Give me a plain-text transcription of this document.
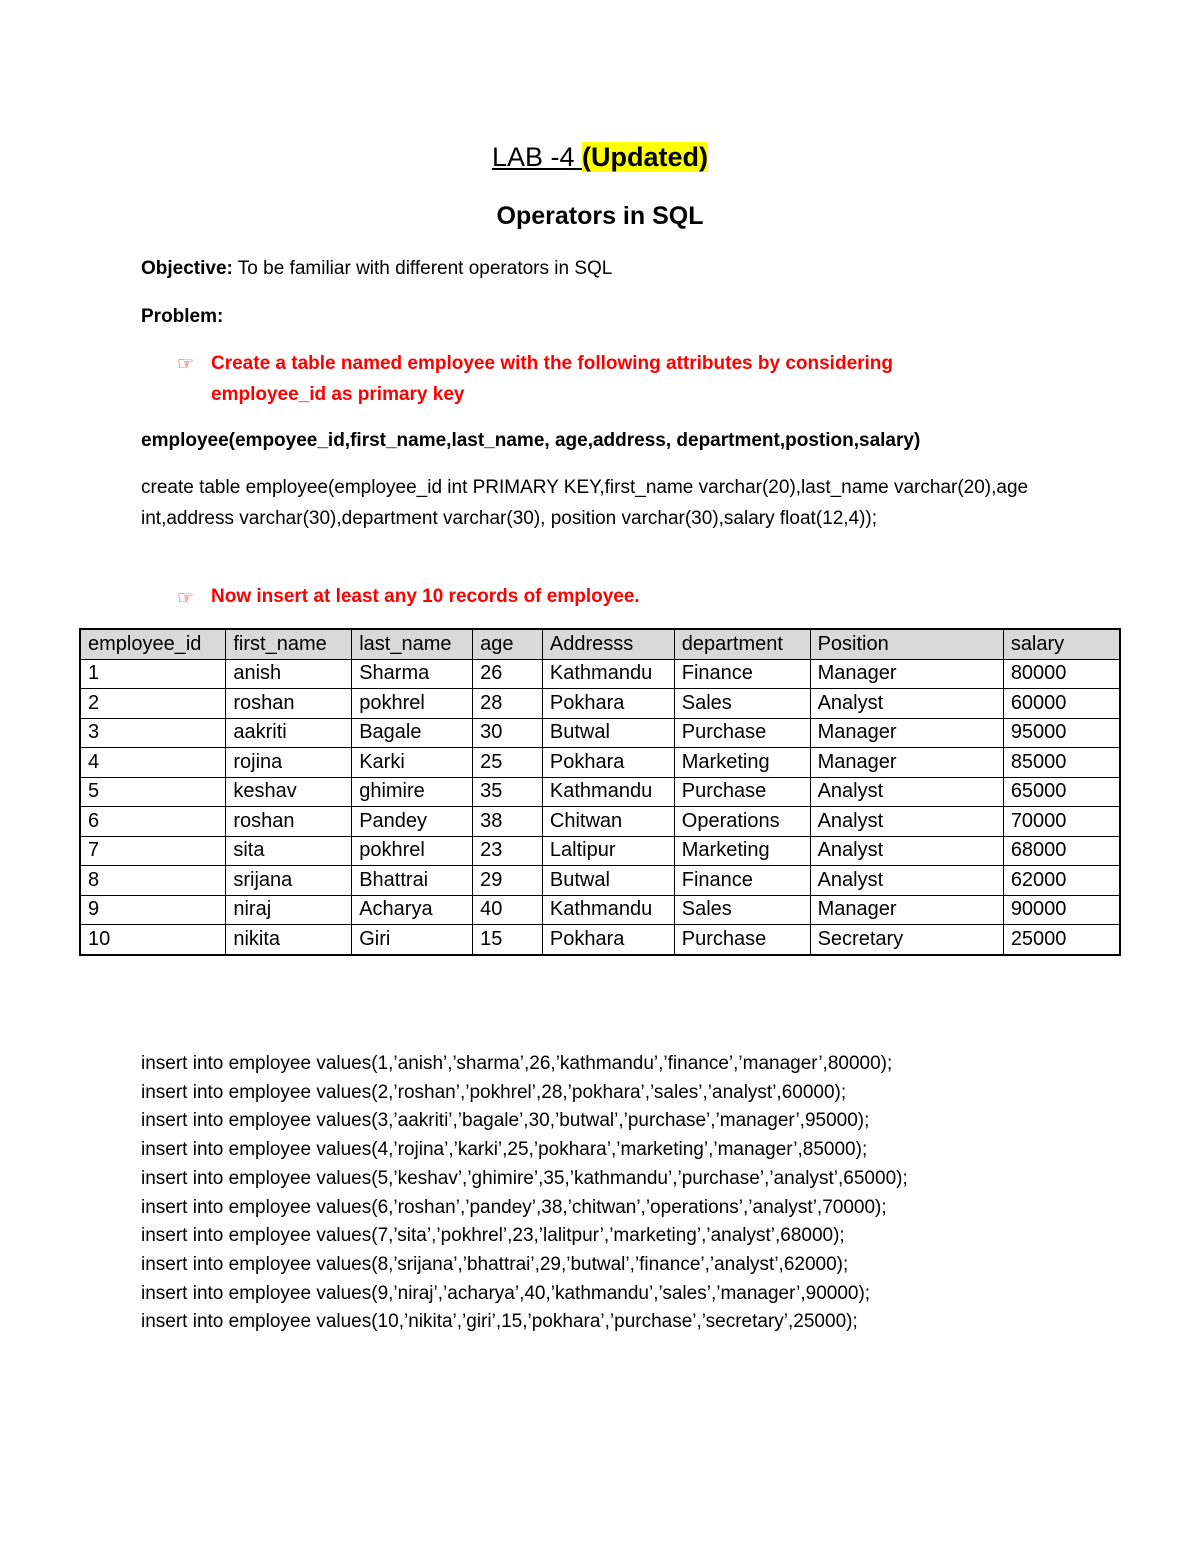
LAB -4 (Updated)
Operators in SQL
Objective: To be familiar with different operators in SQL
Problem:
☞ Create a table named employee with the following attributes by considering employee_id as primary key
employee(empoyee_id,first_name,last_name, age,address, department,postion,salary)
create table employee(employee_id int PRIMARY KEY,first_name varchar(20),last_name varchar(20),age int,address varchar(30),department varchar(30), position varchar(30),salary float(12,4));
☞ Now insert at least any 10 records of employee.
employee_id	first_name	last_name	age	Addresss	department	Position	salary
1	anish	Sharma	26	Kathmandu	Finance	Manager	80000
2	roshan	pokhrel	28	Pokhara	Sales	Analyst	60000
3	aakriti	Bagale	30	Butwal	Purchase	Manager	95000
4	rojina	Karki	25	Pokhara	Marketing	Manager	85000
5	keshav	ghimire	35	Kathmandu	Purchase	Analyst	65000
6	roshan	Pandey	38	Chitwan	Operations	Analyst	70000
7	sita	pokhrel	23	Laltipur	Marketing	Analyst	68000
8	srijana	Bhattrai	29	Butwal	Finance	Analyst	62000
9	niraj	Acharya	40	Kathmandu	Sales	Manager	90000
10	nikita	Giri	15	Pokhara	Purchase	Secretary	25000
insert into employee values(1,’anish’,’sharma’,26,’kathmandu’,’finance’,’manager’,80000);
insert into employee values(2,’roshan’,’pokhrel’,28,’pokhara’,’sales’,’analyst’,60000);
insert into employee values(3,’aakriti’,’bagale’,30,’butwal’,’purchase’,’manager’,95000);
insert into employee values(4,’rojina’,’karki’,25,’pokhara’,’marketing’,’manager’,85000);
insert into employee values(5,’keshav’,’ghimire’,35,’kathmandu’,’purchase’,’analyst’,65000);
insert into employee values(6,’roshan’,’pandey’,38,’chitwan’,’operations’,’analyst’,70000);
insert into employee values(7,’sita’,’pokhrel’,23,’lalitpur’,’marketing’,’analyst’,68000);
insert into employee values(8,’srijana’,’bhattrai’,29,’butwal’,’finance’,’analyst’,62000);
insert into employee values(9,’niraj’,’acharya’,40,’kathmandu’,’sales’,’manager’,90000);
insert into employee values(10,’nikita’,’giri’,15,’pokhara’,’purchase’,’secretary’,25000);
